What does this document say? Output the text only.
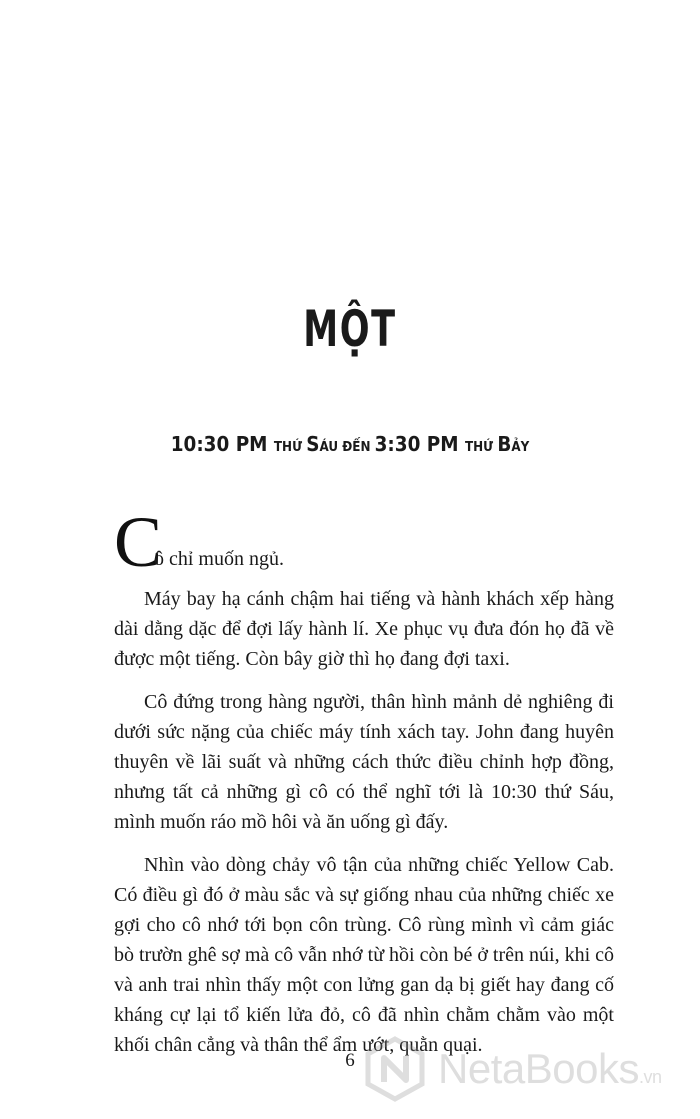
MỘT
10:30 PM THỨ SÁU ĐẾN 3:30 PM THỨ BẢY
C
ô chỉ muốn ngủ.

Máy bay hạ cánh chậm hai tiếng và hành khách xếp hàng dài dằng dặc để đợi lấy hành lí. Xe phục vụ đưa đón họ đã về được một tiếng. Còn bây giờ thì họ đang đợi taxi.

Cô đứng trong hàng người, thân hình mảnh dẻ nghiêng đi dưới sức nặng của chiếc máy tính xách tay. John đang huyên thuyên về lãi suất và những cách thức điều chỉnh hợp đồng, nhưng tất cả những gì cô có thể nghĩ tới là 10:30 thứ Sáu, mình muốn ráo mồ hôi và ăn uống gì đấy.

Nhìn vào dòng chảy vô tận của những chiếc Yellow Cab. Có điều gì đó ở màu sắc và sự giống nhau của những chiếc xe gợi cho cô nhớ tới bọn côn trùng. Cô rùng mình vì cảm giác bò trườn ghê sợ mà cô vẫn nhớ từ hồi còn bé ở trên núi, khi cô và anh trai nhìn thấy một con lửng gan dạ bị giết hay đang cố kháng cự lại tổ kiến lửa đỏ, cô đã nhìn chằm chằm vào một khối chân cẳng và thân thể ẩm ướt, quằn quại.

6	NetaBooks.vn
